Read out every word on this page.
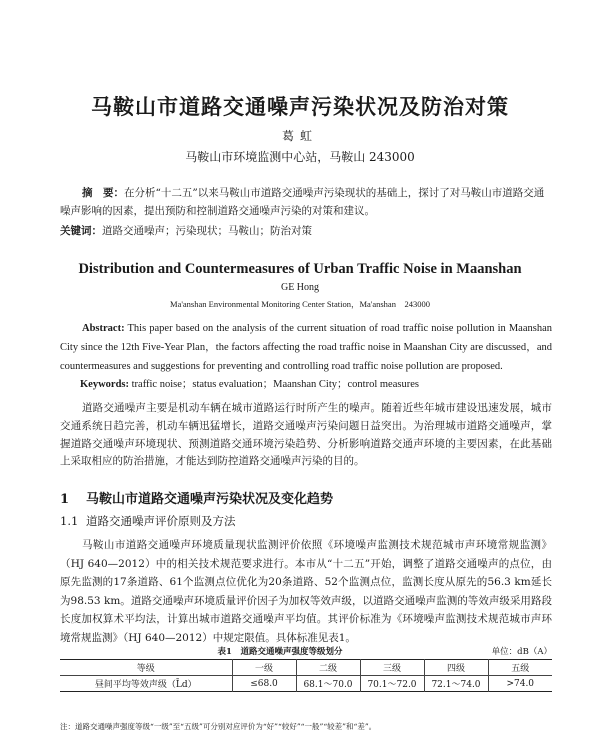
马鞍山市道路交通噪声污染状况及防治对策
葛虹
马鞍山市环境监测中心站，马鞍山 243000

摘　要：在分析“十二五”以来马鞍山市道路交通噪声污染现状的基础上，探讨了对马鞍山市道路交通噪声影响的因素，提出预防和控制道路交通噪声污染的对策和建议。

关键词：道路交通噪声；污染现状；马鞍山；防治对策

Distribution and Countermeasures of Urban Traffic Noise in Maanshan
GE Hong
Ma'anshan Environmental Monitoring Center Station，Ma'anshan　243000

Abstract: This paper based on the analysis of the current situation of road traffic noise pollution in Maanshan City since the 12th Five-Year Plan，the factors affecting the road traffic noise in Maanshan City are discussed，and countermeasures and suggestions for preventing and controlling road traffic noise pollution are proposed.

Keywords: traffic noise；status evaluation；Maanshan City；control measures

道路交通噪声主要是机动车辆在城市道路运行时所产生的噪声。随着近些年城市建设迅速发展，城市交通系统日趋完善，机动车辆迅猛增长，道路交通噪声污染问题日益突出。为治理城市道路交通噪声，掌握道路交通噪声环境现状、预测道路交通环境污染趋势、分析影响道路交通声环境的主要因素，在此基础上采取相应的防治措施，才能达到防控道路交通噪声污染的目的。

1 马鞍山市道路交通噪声污染状况及变化趋势
1.1 道路交通噪声评价原则及方法

马鞍山市道路交通噪声环境质量现状监测评价依照《环境噪声监测技术规范城市声环境常规监测》（HJ 640—2012）中的相关技术规范要求进行。本市从“十二五”开始，调整了道路交通噪声的点位，由原先监测的17条道路、61个监测点位优化为20条道路、52个监测点位，监测长度从原先的56.3 km延长为98.53 km。道路交通噪声环境质量评价因子为加权等效声级，以道路交通噪声监测的等效声级采用路段长度加权算术平均法，计算出城市道路交通噪声平均值。其评价标准为《环境噪声监测技术规范城市声环境常规监测》（HJ 640—2012）中规定限值。具体标准见表1。

表1　道路交通噪声强度等级划分	单位：dB（A）
等级	一级	二级	三级	四级	五级
昼间平均等效声级（L̄d）	≤68.0	68.1～70.0	70.1～72.0	72.1～74.0	>74.0
注：道路交通噪声强度等级“一级”至“五级”可分别对应评价为“好”“较好”“一般”“较差”和“差”。
